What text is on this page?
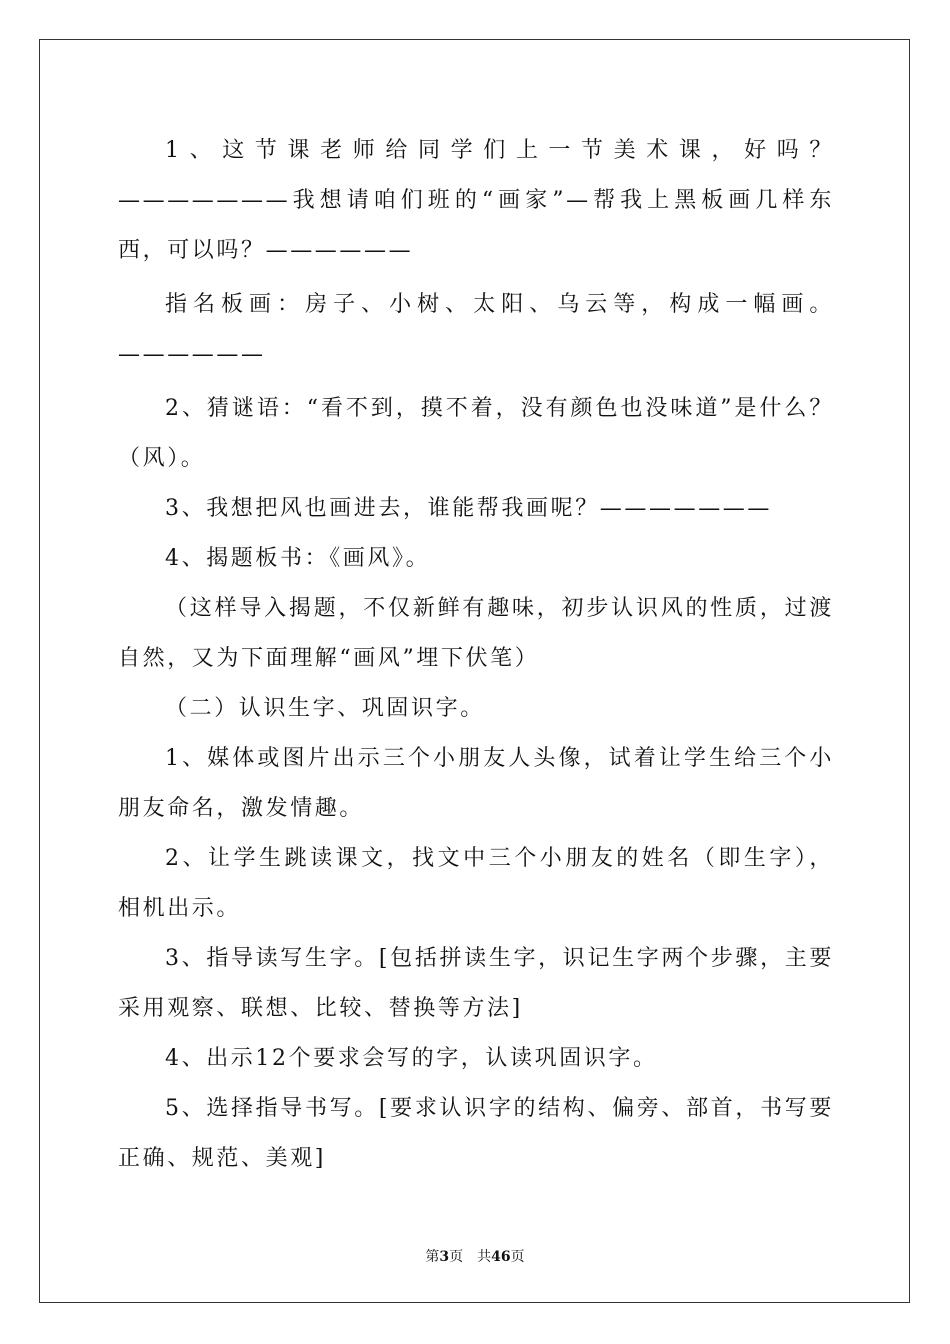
1、这节课老师给同学们上一节美术课，好吗？———————我想请咱们班的“画家”—帮我上黑板画几样东西，可以吗？——————

指名板画：房子、小树、太阳、乌云等，构成一幅画。——————

2、猜谜语：“看不到，摸不着，没有颜色也没味道”是什么？（风）。

3、我想把风也画进去，谁能帮我画呢？———————

4、揭题板书：《画风》。

（这样导入揭题，不仅新鲜有趣味，初步认识风的性质，过渡自然，又为下面理解“画风”埋下伏笔）

（二）认识生字、巩固识字。

1、媒体或图片出示三个小朋友人头像，试着让学生给三个小朋友命名，激发情趣。

2、让学生跳读课文，找文中三个小朋友的姓名（即生字），相机出示。

3、指导读写生字。[包括拼读生字，识记生字两个步骤，主要采用观察、联想、比较、替换等方法]

4、出示12个要求会写的字，认读巩固识字。

5、选择指导书写。[要求认识字的结构、偏旁、部首，书写要正确、规范、美观]

第3页　共46页
